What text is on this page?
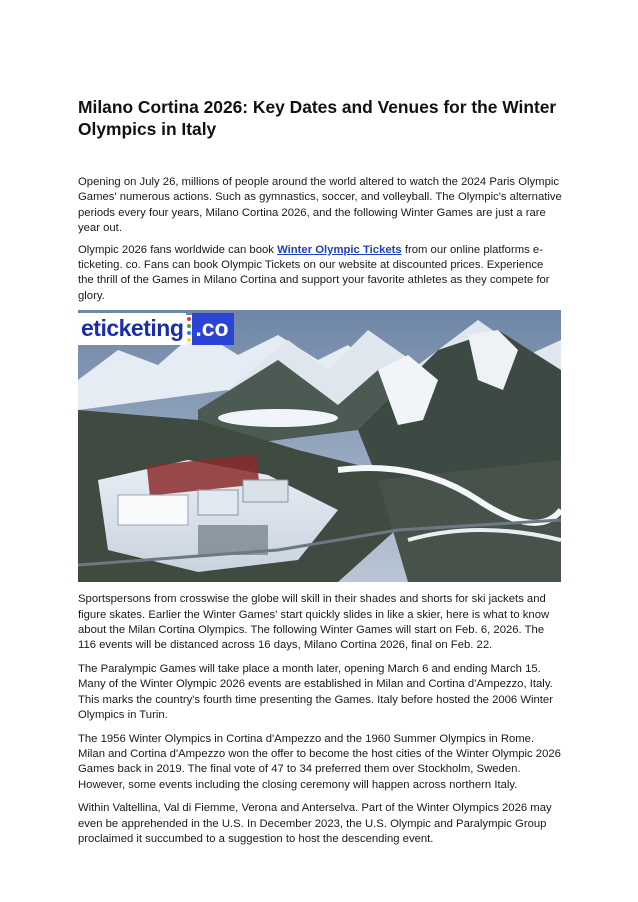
Milano Cortina 2026: Key Dates and Venues for the Winter Olympics in Italy

Opening on July 26, millions of people around the world altered to watch the 2024 Paris Olympic Games' numerous actions. Such as gymnastics, soccer, and volleyball. The Olympic's alternative periods every four years, Milano Cortina 2026, and the following Winter Games are just a rare year out.

Olympic 2026 fans worldwide can book Winter Olympic Tickets from our online platforms e-ticketing. co. Fans can book Olympic Tickets on our website at discounted prices. Experience the thrill of the Games in Milano Cortina and support your favorite athletes as they compete for glory.

eticketing .co

Sportspersons from crosswise the globe will skill in their shades and shorts for ski jackets and figure skates. Earlier the Winter Games' start quickly slides in like a skier, here is what to know about the Milan Cortina Olympics. The following Winter Games will start on Feb. 6, 2026. The 116 events will be distanced across 16 days, Milano Cortina 2026, final on Feb. 22.

The Paralympic Games will take place a month later, opening March 6 and ending March 15. Many of the Winter Olympic 2026 events are established in Milan and Cortina d'Ampezzo, Italy. This marks the country's fourth time presenting the Games. Italy before hosted the 2006 Winter Olympics in Turin.

The 1956 Winter Olympics in Cortina d'Ampezzo and the 1960 Summer Olympics in Rome. Milan and Cortina d'Ampezzo won the offer to become the host cities of the Winter Olympic 2026 Games back in 2019. The final vote of 47 to 34 preferred them over Stockholm, Sweden. However, some events including the closing ceremony will happen across northern Italy.

Within Valtellina, Val di Fiemme, Verona and Anterselva. Part of the Winter Olympics 2026 may even be apprehended in the U.S. In December 2023, the U.S. Olympic and Paralympic Group proclaimed it succumbed to a suggestion to host the descending event.
